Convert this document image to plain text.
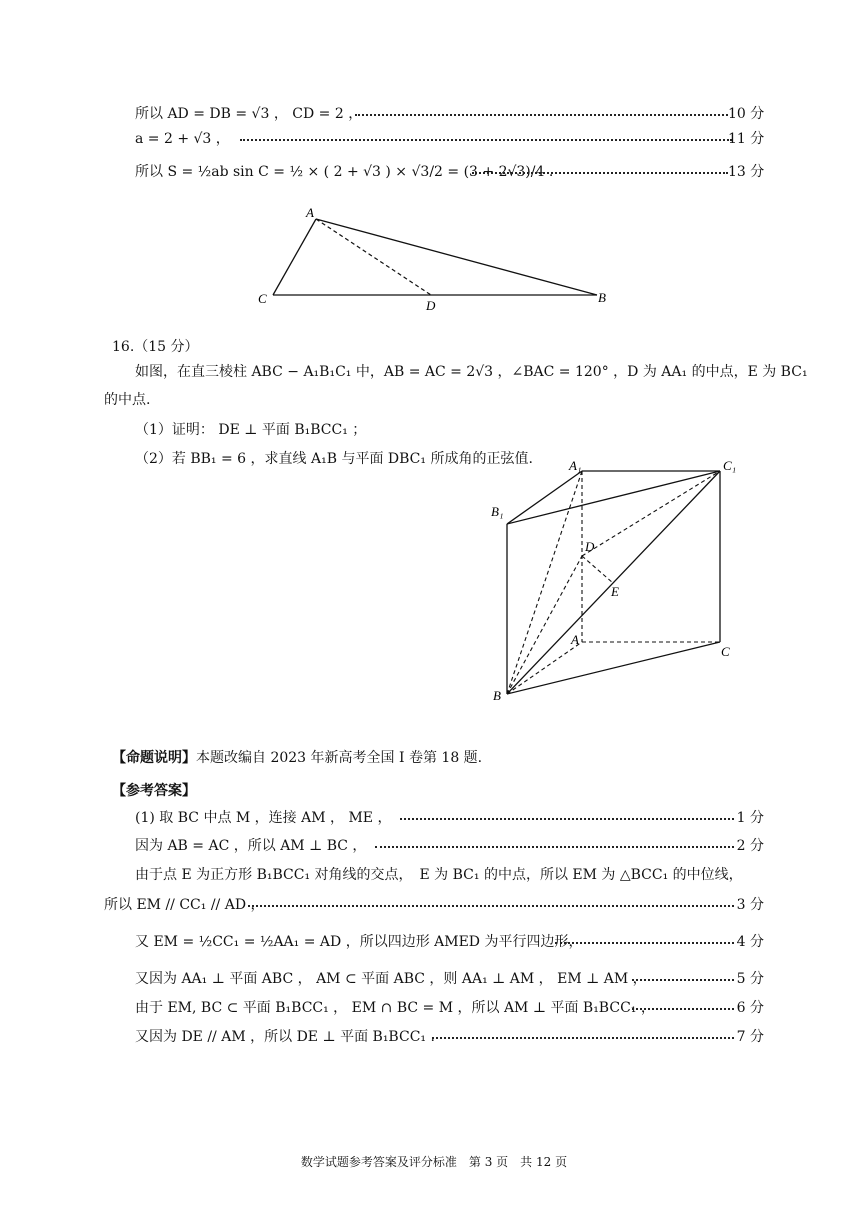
所以 AD = DB = √3 ， CD = 2 ，	10 分
a = 2 + √3 ，	11 分
所以 S = ½ab sin C = ½ × ( 2 + √3 ) × √3/2 = (3 + 2√3)/4 .	13 分
A
C	D
B
16.（15 分）
如图，在直三棱柱 ABC − A₁B₁C₁ 中，AB = AC = 2√3 ，∠BAC = 120° ，D 为 AA₁ 的中点，E 为 BC₁
的中点.
（1）证明： DE ⊥ 平面 B₁BCC₁ ；
（2）若 BB₁ = 6 ，求直线 A₁B 与平面 DBC₁ 所成角的正弦值.	A₁	C₁
B₁
D
E
A
C
B
【命题说明】本题改编自 2023 年新高考全国 Ⅰ 卷第 18 题.
【参考答案】
(1) 取 BC 中点 M ，连接 AM ， ME ，	1 分
因为 AB = AC ，所以 AM ⊥ BC ，	2 分
由于点 E 为正方形 B₁BCC₁ 对角线的交点，　E 为 BC₁ 的中点，所以 EM 为 △BCC₁ 的中位线，
所以 EM // CC₁ // AD ，	3 分
又 EM = ½CC₁ = ½AA₁ = AD ，所以四边形 AMED 为平行四边形，	4 分
又因为 AA₁ ⊥ 平面 ABC ， AM ⊂ 平面 ABC ，则 AA₁ ⊥ AM ， EM ⊥ AM ，	5 分
由于 EM, BC ⊂ 平面 B₁BCC₁ ， EM ∩ BC = M ，所以 AM ⊥ 平面 B₁BCC₁ ，	6 分
又因为 DE // AM ，所以 DE ⊥ 平面 B₁BCC₁ .	7 分
数学试题参考答案及评分标准　第 3 页　共 12 页
